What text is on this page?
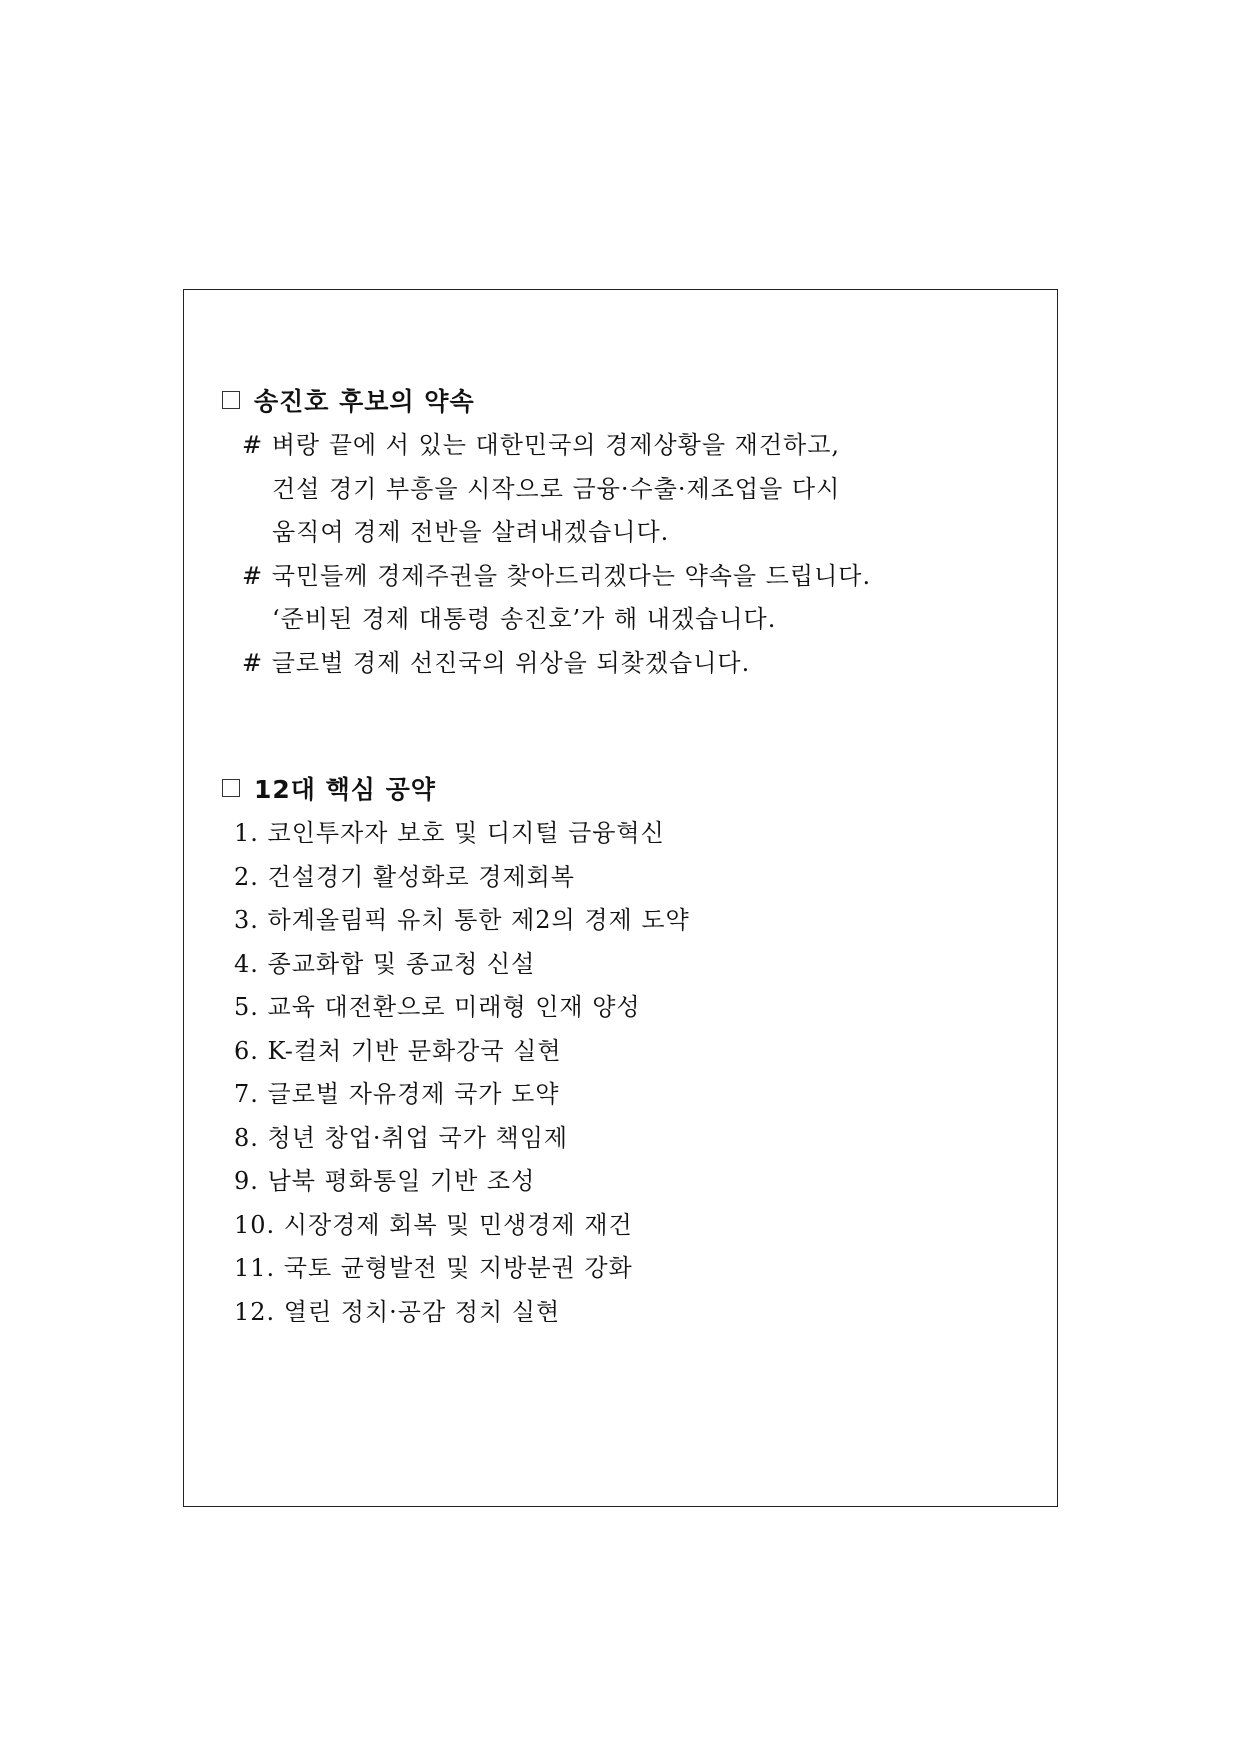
송진호 후보의 약속
# 벼랑 끝에 서 있는 대한민국의 경제상황을 재건하고,
건설 경기 부흥을 시작으로 금융·수출·제조업을 다시
움직여 경제 전반을 살려내겠습니다.
# 국민들께 경제주권을 찾아드리겠다는 약속을 드립니다.
‘준비된 경제 대통령 송진호’가 해 내겠습니다.
# 글로벌 경제 선진국의 위상을 되찾겠습니다.
12대 핵심 공약
1. 코인투자자 보호 및 디지털 금융혁신
2. 건설경기 활성화로 경제회복
3. 하계올림픽 유치 통한 제2의 경제 도약
4. 종교화합 및 종교청 신설
5. 교육 대전환으로 미래형 인재 양성
6. K-컬처 기반 문화강국 실현
7. 글로벌 자유경제 국가 도약
8. 청년 창업·취업 국가 책임제
9. 남북 평화통일 기반 조성
10. 시장경제 회복 및 민생경제 재건
11. 국토 균형발전 및 지방분권 강화
12. 열린 정치·공감 정치 실현
